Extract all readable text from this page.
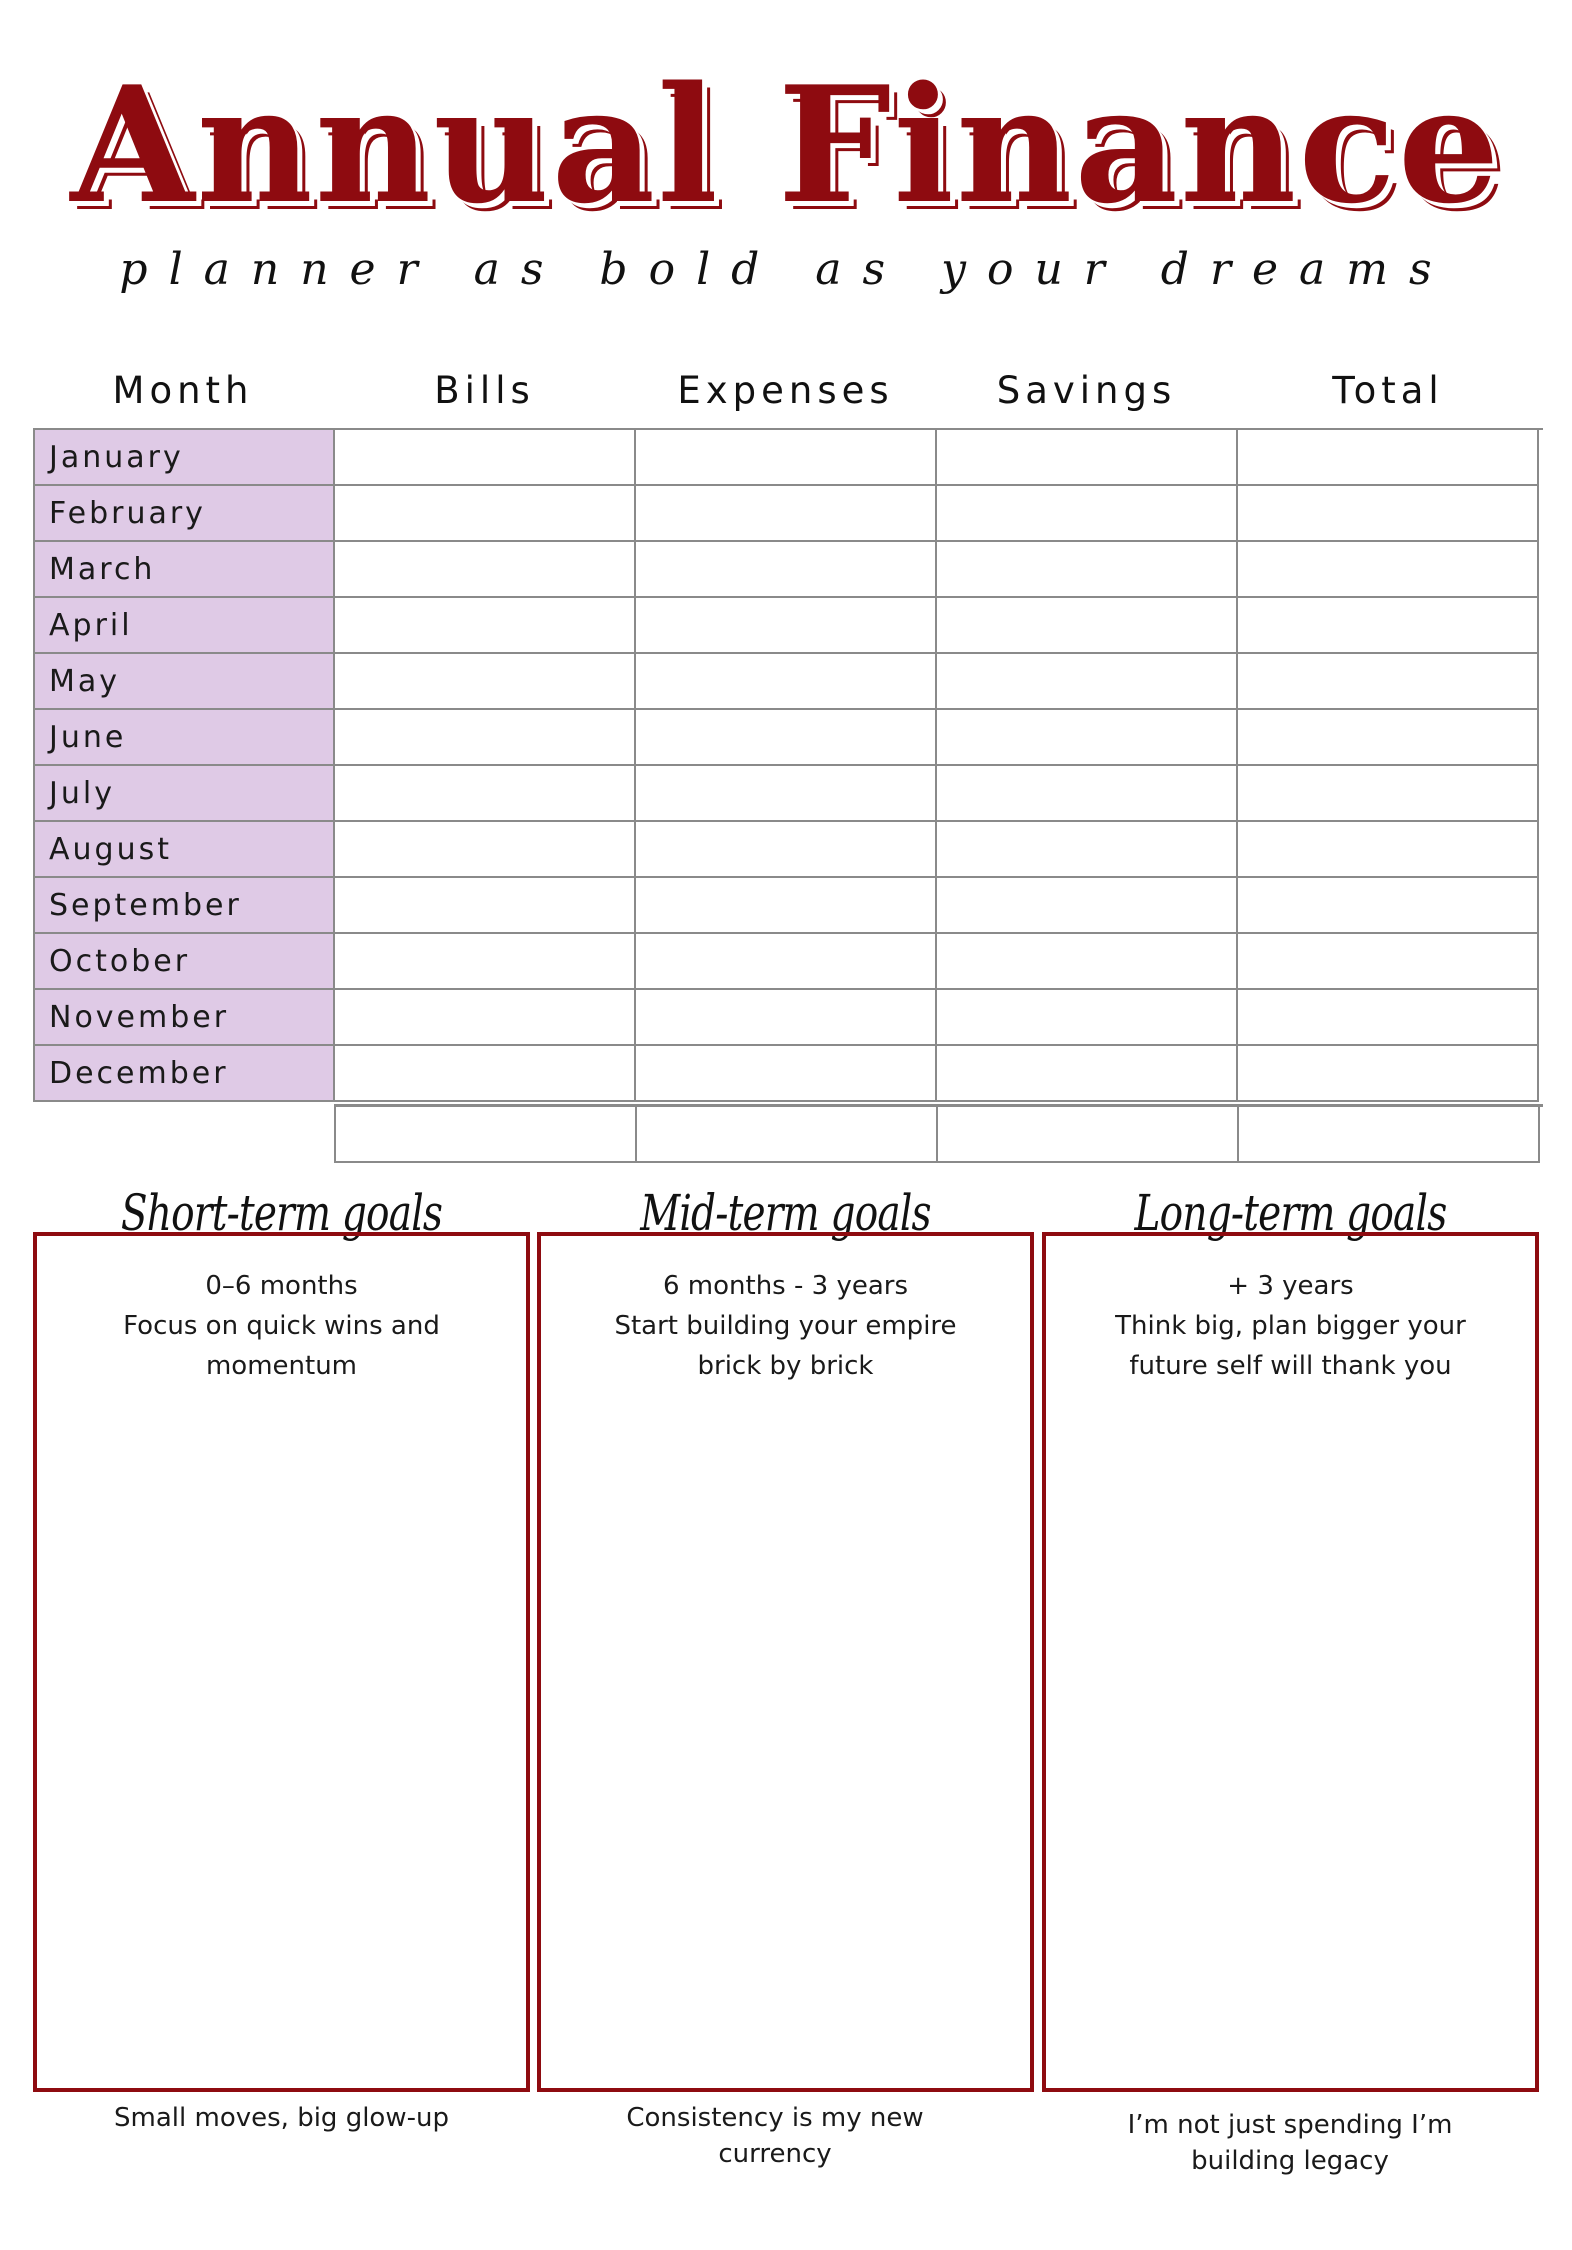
Annual Finance
planner as bold as your dreams
Month	Bills	Expenses	Savings	Total
January
February
March
April
May
June
July
August
September
October
November
December
Short-term goals	Mid-term goals	Long-term goals
0–6 months
Focus on quick wins and momentum
6 months - 3 years
Start building your empire brick by brick
+ 3 years
Think big, plan bigger your future self will thank you
Small moves, big glow-up	Consistency is my new currency
I’m not just spending I’m building legacy
